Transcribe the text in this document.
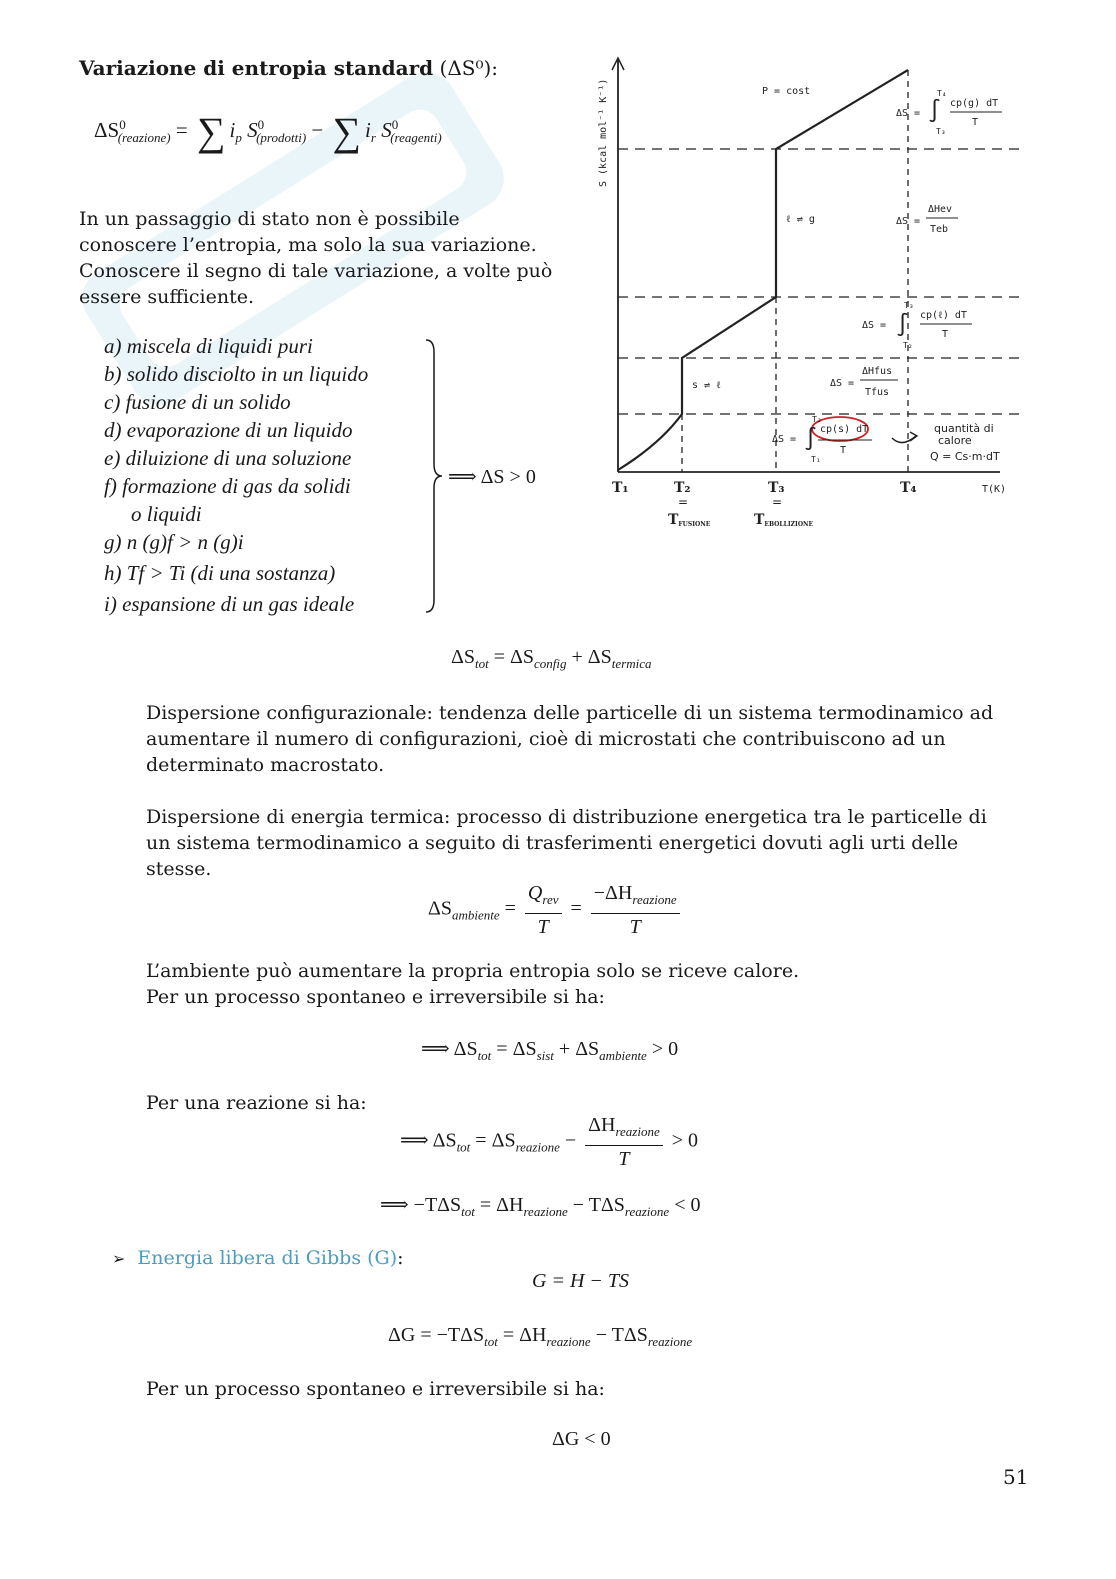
Variazione di entropia standard (ΔS⁰):
$\Delta S^0_{(reazione)}$ = ∑ $i_p$ $S^0_{(prodotti)}$ − ∑ $i_r$ $S^0_{(reagenti)}$
In un passaggio di stato non è possibile conoscere l’entropia, ma solo la sua variazione. Conoscere il segno di tale variazione, a volte può essere sufficiente.
a) miscela di liquidi puri
b) solido disciolto in un liquido
c) fusione di un solido
d) evaporazione di un liquido
e) diluizione di una soluzione
f) formazione di gas da solidi
o liquidi
g) n (g)f > n (g)i
h) Tf > Ti (di una sostanza)
i) espansione di un gas ideale
⟹ ΔS > 0
S (kcal mol⁻¹ K⁻¹)	P = cost
ℓ ⇌ g
s ⇌ ℓ
T(K)
T₁	T₂	T₃	T₄
=	=
TFUSIONE	TEBOLLIZIONE
ΔS = ∫
T₄
T₃
cp(g) dT
T
ΔS =
ΔHev
Teb
ΔS = ∫
T₃
T₂
cp(ℓ) dT
T
ΔS =
ΔHfus
Tfus
ΔS = ∫
T₂
T₁
cp(s) dT
T
quantità di
calore
Q = Cs·m·dT
$\Delta S_{tot} = \Delta S_{config} + \Delta S_{termica}$
Dispersione configurazionale: tendenza delle particelle di un sistema termodinamico ad aumentare il numero di configurazioni, cioè di microstati che contribuiscono ad un determinato macrostato.
Dispersione di energia termica: processo di distribuzione energetica tra le particelle di un sistema termodinamico a seguito di trasferimenti energetici dovuti agli urti delle stesse.
$\Delta S_{ambiente} = \frac{Q_{rev}}{T} = \frac{-\Delta H_{reazione}}{T}$
L’ambiente può aumentare la propria entropia solo se riceve calore.
Per un processo spontaneo e irreversibile si ha:
⟹ $\Delta S_{tot} = \Delta S_{sist} + \Delta S_{ambiente} > 0$
Per una reazione si ha:
⟹ $\Delta S_{tot} = \Delta S_{reazione} - \frac{\Delta H_{reazione}}{T} > 0$
⟹ $-T\Delta S_{tot} = \Delta H_{reazione} - T\Delta S_{reazione} < 0$
➢ Energia libera di Gibbs (G):
G = H − TS
$\Delta G = -T\Delta S_{tot} = \Delta H_{reazione} - T\Delta S_{reazione}$
Per un processo spontaneo e irreversibile si ha:
ΔG < 0
51
